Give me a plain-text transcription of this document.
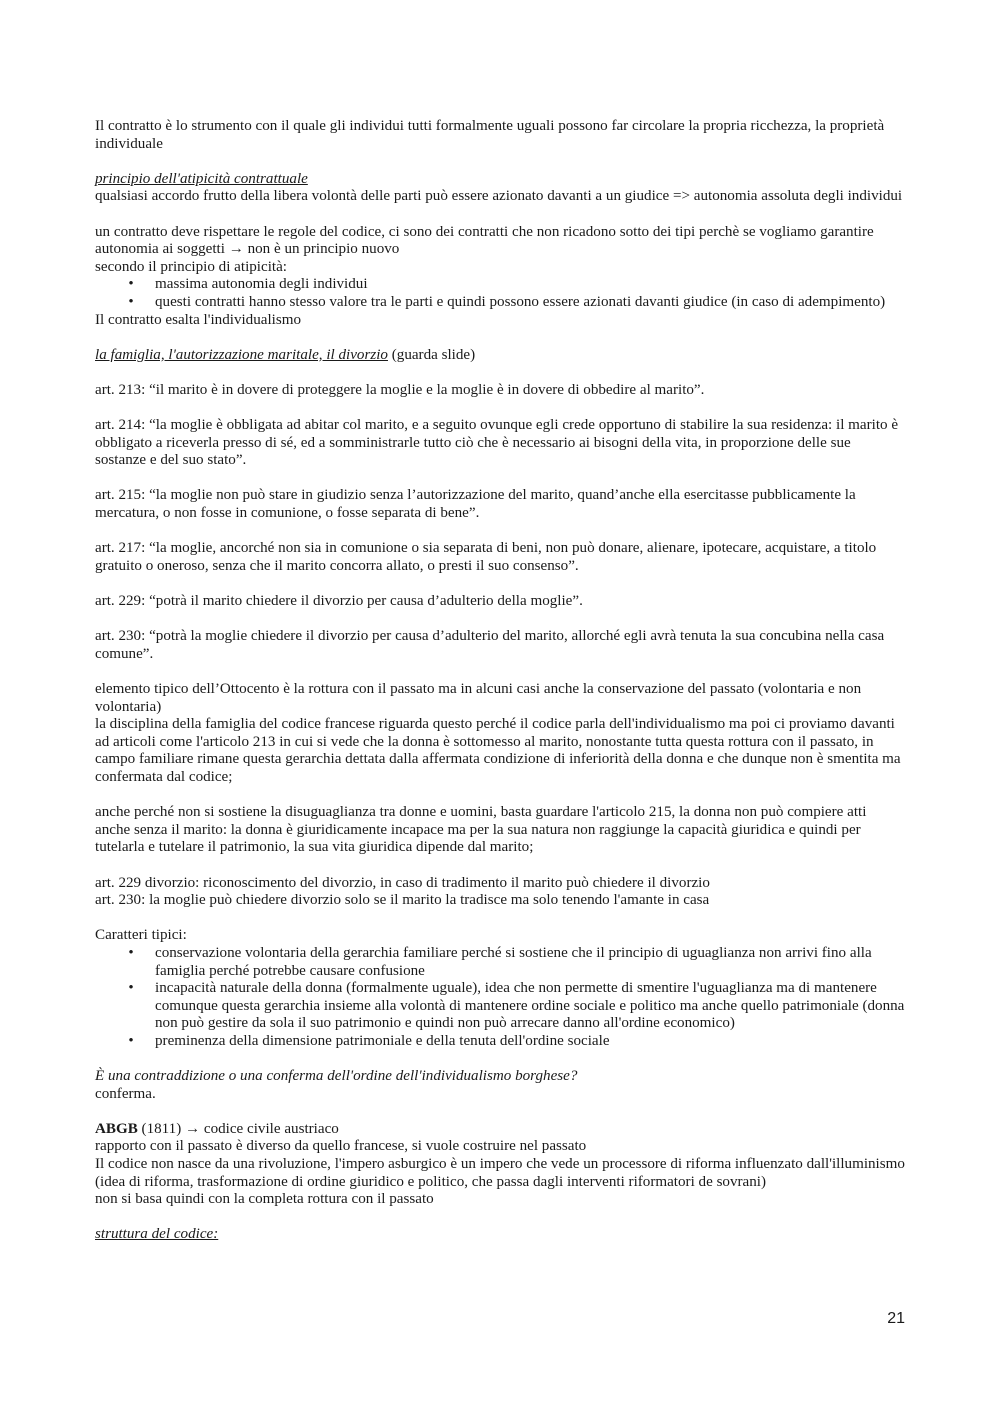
Il contratto è lo strumento con il quale gli individui tutti formalmente uguali possono far circolare la propria ricchezza, la proprietà individuale

principio dell'atipicità contrattuale

qualsiasi accordo frutto della libera volontà delle parti può essere azionato davanti a un giudice => autonomia assoluta degli individui

un contratto deve rispettare le regole del codice, ci sono dei contratti che non ricadono sotto dei tipi perchè se vogliamo garantire autonomia ai soggetti → non è un principio nuovo

secondo il principio di atipicità:

• massima autonomia degli individui
• questi contratti hanno stesso valore tra le parti e quindi possono essere azionati davanti giudice (in caso di adempimento)

Il contratto esalta l'individualismo

la famiglia, l'autorizzazione maritale, il divorzio (guarda slide)

art. 213: “il marito è in dovere di proteggere la moglie e la moglie è in dovere di obbedire al marito”.

art. 214: “la moglie è obbligata ad abitar col marito, e a seguito ovunque egli crede opportuno di stabilire la sua residenza: il marito è obbligato a riceverla presso di sé, ed a somministrarle tutto ciò che è necessario ai bisogni della vita, in proporzione delle sue sostanze e del suo stato”.

art. 215: “la moglie non può stare in giudizio senza l’autorizzazione del marito, quand’anche ella esercitasse pubblicamente la mercatura, o non fosse in comunione, o fosse separata di bene”.

art. 217: “la moglie, ancorché non sia in comunione o sia separata di beni, non può donare, alienare, ipotecare, acquistare, a titolo gratuito o oneroso, senza che il marito concorra allato, o presti il suo consenso”.

art. 229: “potrà il marito chiedere il divorzio per causa d’adulterio della moglie”.

art. 230: “potrà la moglie chiedere il divorzio per causa d’adulterio del marito, allorché egli avrà tenuta la sua concubina nella casa comune”.

elemento tipico dell’Ottocento è la rottura con il passato ma in alcuni casi anche la conservazione del passato (volontaria e non volontaria)

la disciplina della famiglia del codice francese riguarda questo perché il codice parla dell'individualismo ma poi ci proviamo davanti ad articoli come l'articolo 213 in cui si vede che la donna è sottomesso al marito, nonostante tutta questa rottura con il passato, in campo familiare rimane questa gerarchia dettata dalla affermata condizione di inferiorità della donna e che dunque non è smentita ma confermata dal codice;

anche perché non si sostiene la disuguaglianza tra donne e uomini, basta guardare l'articolo 215, la donna non può compiere atti anche senza il marito: la donna è giuridicamente incapace ma per la sua natura non raggiunge la capacità giuridica e quindi per tutelarla e tutelare il patrimonio, la sua vita giuridica dipende dal marito;

art. 229 divorzio: riconoscimento del divorzio, in caso di tradimento il marito può chiedere il divorzio

art. 230: la moglie può chiedere divorzio solo se il marito la tradisce ma solo tenendo l'amante in casa

Caratteri tipici:

• conservazione volontaria della gerarchia familiare perché si sostiene che il principio di uguaglianza non arrivi fino alla famiglia perché potrebbe causare confusione
• incapacità naturale della donna (formalmente uguale), idea che non permette di smentire l'uguaglianza ma di mantenere comunque questa gerarchia insieme alla volontà di mantenere ordine sociale e politico ma anche quello patrimoniale (donna non può gestire da sola il suo patrimonio e quindi non può arrecare danno all'ordine economico)
• preminenza della dimensione patrimoniale e della tenuta dell'ordine sociale

È una contraddizione o una conferma dell'ordine dell'individualismo borghese?

conferma.

ABGB (1811) → codice civile austriaco

rapporto con il passato è diverso da quello francese, si vuole costruire nel passato

Il codice non nasce da una rivoluzione, l'impero asburgico è un impero che vede un processore di riforma influenzato dall'illuminismo (idea di riforma, trasformazione di ordine giuridico e politico, che passa dagli interventi riformatori de sovrani)

non si basa quindi con la completa rottura con il passato

struttura del codice:

21
